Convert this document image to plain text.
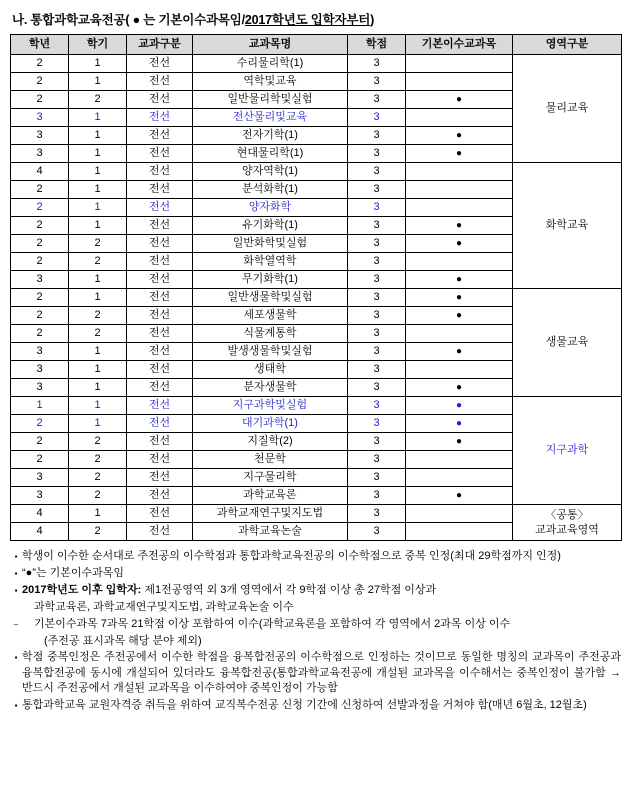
나. 통합과학교육전공( ● 는 기본이수과목임/2017학년도 입학자부터)
학년	학기	교과구분	교과목명	학점	기본이수교과목	영역구분
2	1	전선	수리물리학(1)	3		물리교육
2	1	전선	역학및교육	3		
2	2	전선	일반물리학및실험	3	●	
3	1	전선	전산물리및교육	3		
3	1	전선	전자기학(1)	3	●	
3	1	전선	현대물리학(1)	3	●	
4	1	전선	양자역학(1)	3		화학교육
2	1	전선	분석화학(1)	3		
2	1	전선	양자화학	3		
2	1	전선	유기화학(1)	3	●	
2	2	전선	일반화학및실험	3	●	
2	2	전선	화학열역학	3		
3	1	전선	무기화학(1)	3	●	
2	1	전선	일반생물학및실험	3	●	생물교육
2	2	전선	세포생물학	3	●	
2	2	전선	식물계통학	3		
3	1	전선	발생생물학및실험	3	●	
3	1	전선	생태학	3		
3	1	전선	분자생물학	3	●	
1	1	전선	지구과학및실험	3	●	지구과학
2	1	전선	대기과학(1)	3	●	
2	2	전선	지질학(2)	3	●	
2	2	전선	천문학	3		
3	2	전선	지구물리학	3		
3	2	전선	과학교육론	3	●	
4	1	전선	과학교재연구및지도법	3		〈공통〉
교과교육영역
4	2	전선	과학교육논술	3		
▪ 학생이 이수한 순서대로 주전공의 이수학점과 통합과학교육전공의 이수학점으로 중복 인정(최대 29학점까지 인정)
▪ “●”는 기본이수과목임
▪ 2017학년도 이후 입학자: 제1전공영역 외 3개 영역에서 각 9학점 이상 총 27학점 이상과
과학교육론, 과학교재연구및지도법, 과학교육논술 이수
–	기본이수과목 7과목 21학점 이상 포함하여 이수(과학교육론을 포함하여 각 영역에서 2과목 이상 이수
(주전공 표시과목 해당 분야 제외)
▪ 학점 중복인정은 주전공에서 이수한 학점을 융복합전공의 이수학점으로 인정하는 것이므로 동일한 명칭의 교과목이 주전공과 융복합전공에 동시에 개설되어 있더라도 융복합전공(통합과학교육전공에 개설된 교과목을 이수해서는 중복인정이 불가함 → 반드시 주전공에서 개설된 교과목을 이수하여야 중복인정이 가능함
▪ 통합과학교육 교원자격증 취득을 위하여 교직복수전공 신청 기간에 신청하여 선발과정을 거쳐야 함(매년 6월초, 12월초)
